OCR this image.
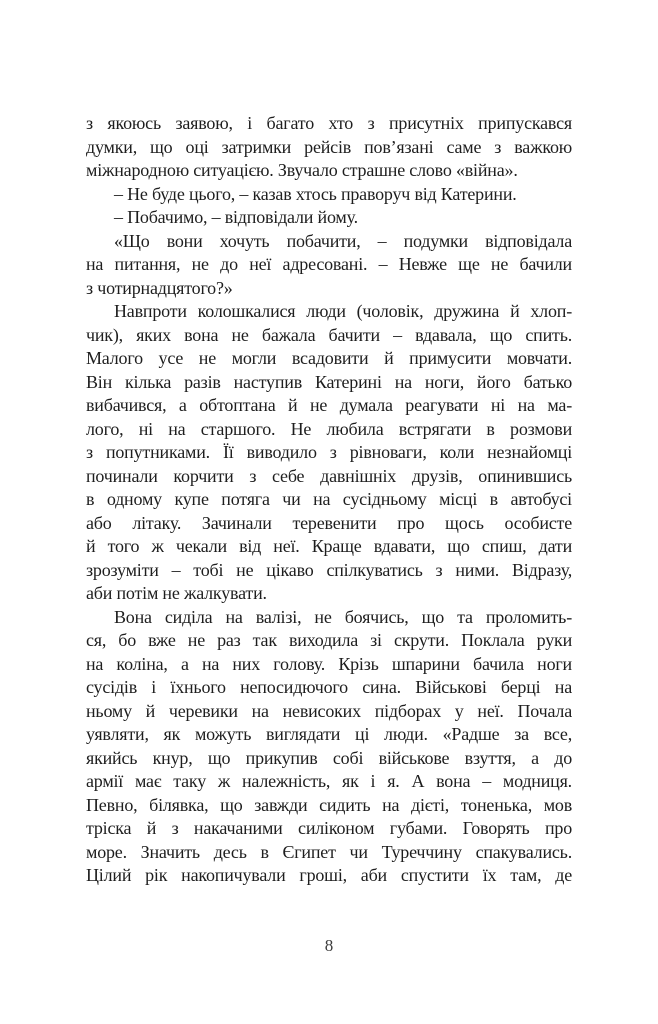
з якоюсь заявою, і багато хто з присутніх припускався
думки, що оці затримки рейсів пов’язані саме з важкою
міжнародною ситуацією. Звучало страшне слово «війна».
– Не буде цього, – казав хтось праворуч від Катерини.
– Побачимо, – відповідали йому.
«Що вони хочуть побачити, – подумки відповідала
на питання, не до неї адресовані. – Невже ще не бачили
з чотирнадцятого?»
Навпроти колошкалися люди (чоловік, дружина й хлоп-
чик), яких вона не бажала бачити – вдавала, що спить.
Малого усе не могли всадовити й примусити мовчати.
Він кілька разів наступив Катерині на ноги, його батько
вибачився, а обтоптана й не думала реагувати ні на ма-
лого, ні на старшого. Не любила встрягати в розмови
з попутниками. Її виводило з рівноваги, коли незнайомці
починали корчити з себе давнішніх друзів, опинившись
в одному купе потяга чи на сусідньому місці в автобусі
або літаку. Зачинали теревенити про щось особисте
й того ж чекали від неї. Краще вдавати, що спиш, дати
зрозуміти – тобі не цікаво спілкуватись з ними. Відразу,
аби потім не жалкувати.
Вона сиділа на валізі, не боячись, що та проломить-
ся, бо вже не раз так виходила зі скрути. Поклала руки
на коліна, а на них голову. Крізь шпарини бачила ноги
сусідів і їхнього непосидючого сина. Військові берці на
ньому й черевики на невисоких підборах у неї. Почала
уявляти, як можуть виглядати ці люди. «Радше за все,
якийсь кнур, що прикупив собі військове взуття, а до
армії має таку ж належність, як і я. А вона – модниця.
Певно, білявка, що завжди сидить на дієті, тоненька, мов
тріска й з накачаними силіконом губами. Говорять про
море. Значить десь в Єгипет чи Туреччину спакувались.
Цілий рік накопичували гроші, аби спустити їх там, де
8
